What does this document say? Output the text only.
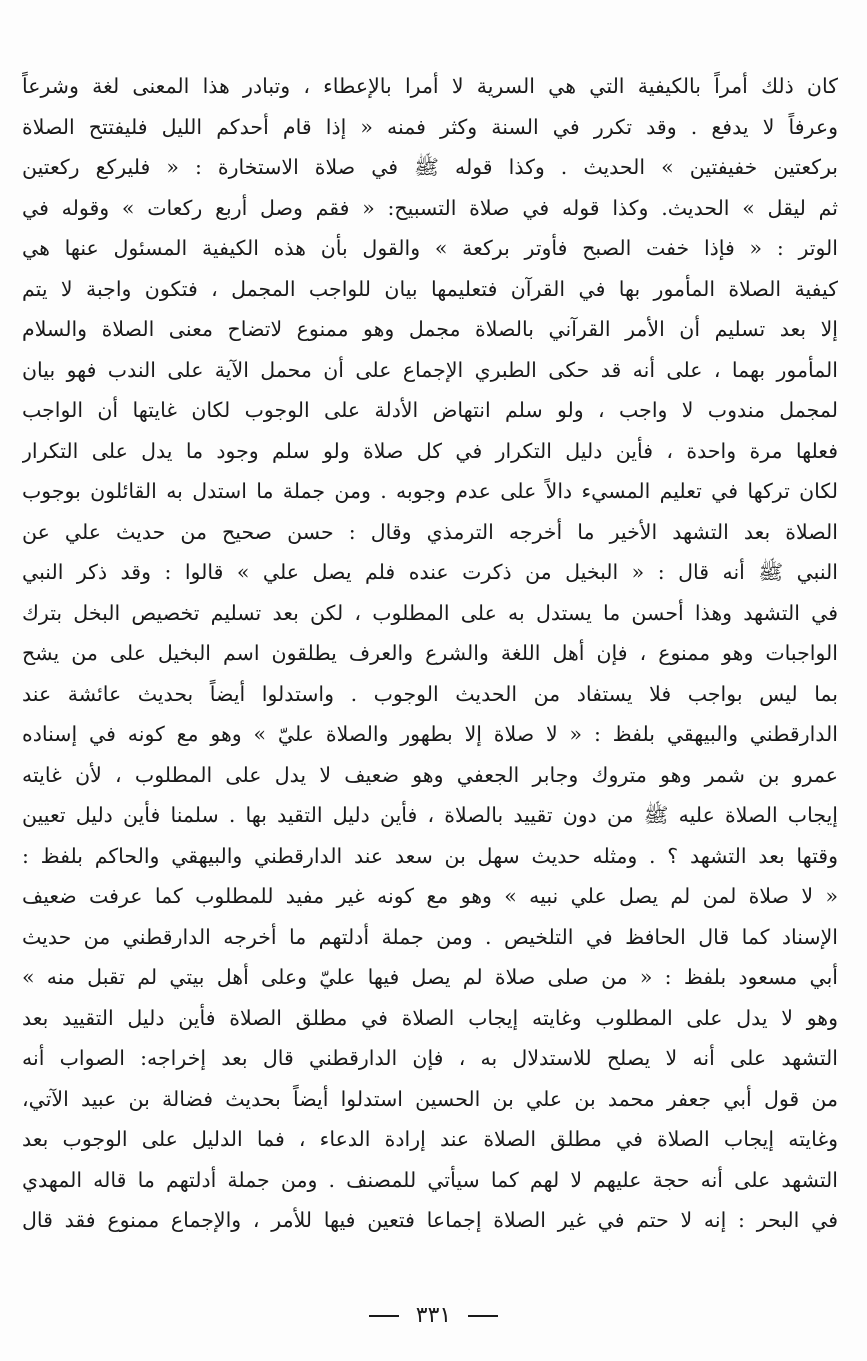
كان ذلك أمراً بالكيفية التي هي السرية لا أمرا بالإعطاء ، وتبادر هذا المعنى لغة وشرعاً
وعرفاً لا يدفع . وقد تكرر في السنة وكثر فمنه « إذا قام أحدكم الليل فليفتتح الصلاة
بركعتين خفيفتين » الحديث . وكذا قوله ﷺ في صلاة الاستخارة : « فليركع ركعتين
ثم ليقل » الحديث. وكذا قوله في صلاة التسبيح: « فقم وصل أربع ركعات » وقوله في
الوتر : « فإذا خفت الصبح فأوتر بركعة » والقول بأن هذه الكيفية المسئول عنها هي
كيفية الصلاة المأمور بها في القرآن فتعليمها بيان للواجب المجمل ، فتكون واجبة لا يتم
إلا بعد تسليم أن الأمر القرآني بالصلاة مجمل وهو ممنوع لاتضاح معنى الصلاة والسلام
المأمور بهما ، على أنه قد حكى الطبري الإجماع على أن محمل الآية على الندب فهو بيان
لمجمل مندوب لا واجب ، ولو سلم انتهاض الأدلة على الوجوب لكان غايتها أن الواجب
فعلها مرة واحدة ، فأين دليل التكرار في كل صلاة ولو سلم وجود ما يدل على التكرار
لكان تركها في تعليم المسيء دالاً على عدم وجوبه . ومن جملة ما استدل به القائلون بوجوب
الصلاة بعد التشهد الأخير ما أخرجه الترمذي وقال : حسن صحيح من حديث علي عن
النبي ﷺ أنه قال : « البخيل من ذكرت عنده فلم يصل علي » قالوا : وقد ذكر النبي
في التشهد وهذا أحسن ما يستدل به على المطلوب ، لكن بعد تسليم تخصيص البخل بترك
الواجبات وهو ممنوع ، فإن أهل اللغة والشرع والعرف يطلقون اسم البخيل على من يشح
بما ليس بواجب فلا يستفاد من الحديث الوجوب . واستدلوا أيضاً بحديث عائشة عند
الدارقطني والبيهقي بلفظ : « لا صلاة إلا بطهور والصلاة عليّ » وهو مع كونه في إسناده
عمرو بن شمر وهو متروك وجابر الجعفي وهو ضعيف لا يدل على المطلوب ، لأن غايته
إيجاب الصلاة عليه ﷺ من دون تقييد بالصلاة ، فأين دليل التقيد بها . سلمنا فأين دليل تعيين
وقتها بعد التشهد ؟ . ومثله حديث سهل بن سعد عند الدارقطني والبيهقي والحاكم بلفظ :
« لا صلاة لمن لم يصل علي نبيه » وهو مع كونه غير مفيد للمطلوب كما عرفت ضعيف
الإسناد كما قال الحافظ في التلخيص . ومن جملة أدلتهم ما أخرجه الدارقطني من حديث
أبي مسعود بلفظ : « من صلى صلاة لم يصل فيها عليّ وعلى أهل بيتي لم تقبل منه »
وهو لا يدل على المطلوب وغايته إيجاب الصلاة في مطلق الصلاة فأين دليل التقييد بعد
التشهد على أنه لا يصلح للاستدلال به ، فإن الدارقطني قال بعد إخراجه: الصواب أنه
من قول أبي جعفر محمد بن علي بن الحسين استدلوا أيضاً بحديث فضالة بن عبيد الآتي،
وغايته إيجاب الصلاة في مطلق الصلاة عند إرادة الدعاء ، فما الدليل على الوجوب بعد
التشهد على أنه حجة عليهم لا لهم كما سيأتي للمصنف . ومن جملة أدلتهم ما قاله المهدي
في البحر : إنه لا حتم في غير الصلاة إجماعا فتعين فيها للأمر ، والإجماع ممنوع فقد قال
٣٣١
